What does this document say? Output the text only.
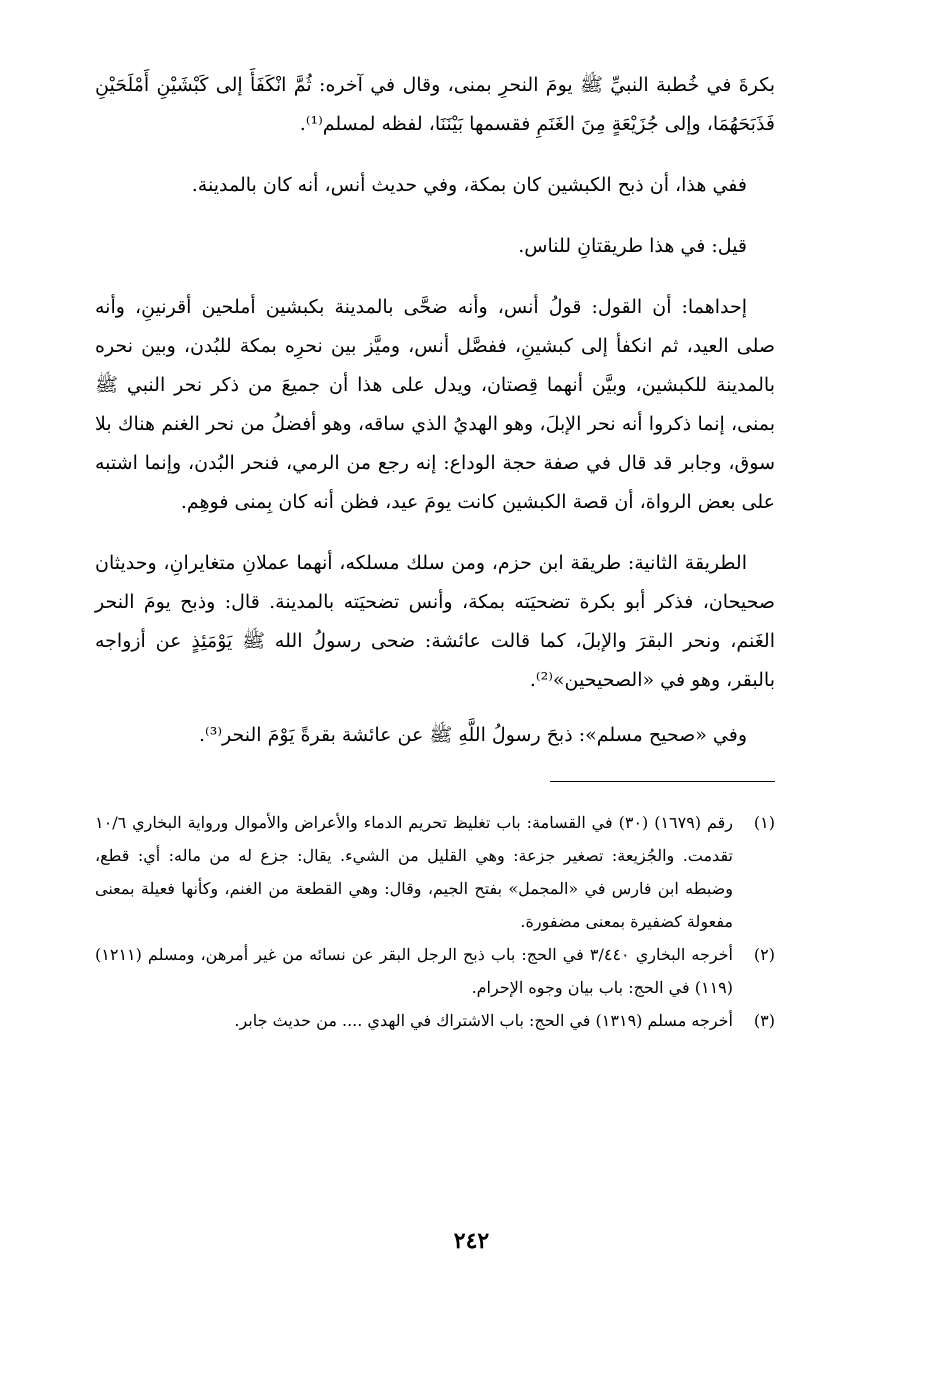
بكرةَ في خُطبة النبيِّ ﷺ يومَ النحرِ بمنى، وقال في آخره: ثُمَّ انْكَفَأَ إلى كَبْشَيْنِ أَمْلَحَيْنِ فَذَبَحَهُمَا، وإلى جُزَيْعَةٍ مِنَ الغَنَمِ فقسمها بَيْنَنَا، لفظه لمسلم⁽¹⁾.

ففي هذا، أن ذبح الكبشين كان بمكة، وفي حديث أنس، أنه كان بالمدينة.

قيل: في هذا طريقتانِ للناس.

إحداهما: أن القول: قولُ أنس، وأنه ضحَّى بالمدينة بكبشين أملحين أقرنينِ، وأنه صلى العيد، ثم انكفأ إلى كبشينِ، ففصَّل أنس، وميَّز بين نحرِه بمكة للبُدن، وبين نحره بالمدينة للكبشين، وبيَّن أنهما قِصتان، ويدل على هذا أن جميعَ من ذكر نحر النبي ﷺ بمنى، إنما ذكروا أنه نحر الإبلَ، وهو الهديُ الذي ساقه، وهو أفضلُ من نحر الغنم هناك بلا سوق، وجابر قد قال في صفة حجة الوداع: إنه رجع من الرمي، فنحر البُدن، وإنما اشتبه على بعض الرواة، أن قصة الكبشين كانت يومَ عيد، فظن أنه كان بِمنى فوهِم.

الطريقة الثانية: طريقة ابن حزم، ومن سلك مسلكه، أنهما عملانِ متغايرانِ، وحديثان صحيحان، فذكر أبو بكرة تضحيَته بمكة، وأنس تضحيَته بالمدينة. قال: وذبح يومَ النحر الغَنم، ونحر البقرَ والإبلَ، كما قالت عائشة: ضحى رسولُ الله ﷺ يَوْمَئِذٍ عن أزواجه بالبقر، وهو في «الصحيحين»⁽²⁾.

وفي «صحيح مسلم»: ذبحَ رسولُ اللَّهِ ﷺ عن عائشة بقرةً يَوْمَ النحر⁽³⁾.

(١)
رقم (١٦٧٩) (٣٠) في القسامة: باب تغليظ تحريم الدماء والأعراض والأموال ورواية البخاري ١٠/٦ تقدمت. والجُزيعة: تصغير جزعة: وهي القليل من الشيء. يقال: جزع له من ماله: أي: قطع، وضبطه ابن فارس في «المجمل» بفتح الجيم، وقال: وهي القطعة من الغنم، وكأنها فعيلة بمعنى مفعولة كضفيرة بمعنى مضفورة.
(٢)
أخرجه البخاري ٣/٤٤٠ في الحج: باب ذبح الرجل البقر عن نسائه من غير أمرهن، ومسلم (١٢١١) (١١٩) في الحج: باب بيان وجوه الإحرام.
(٣)
أخرجه مسلم (١٣١٩) في الحج: باب الاشتراك في الهدي .... من حديث جابر.
٢٤٢
